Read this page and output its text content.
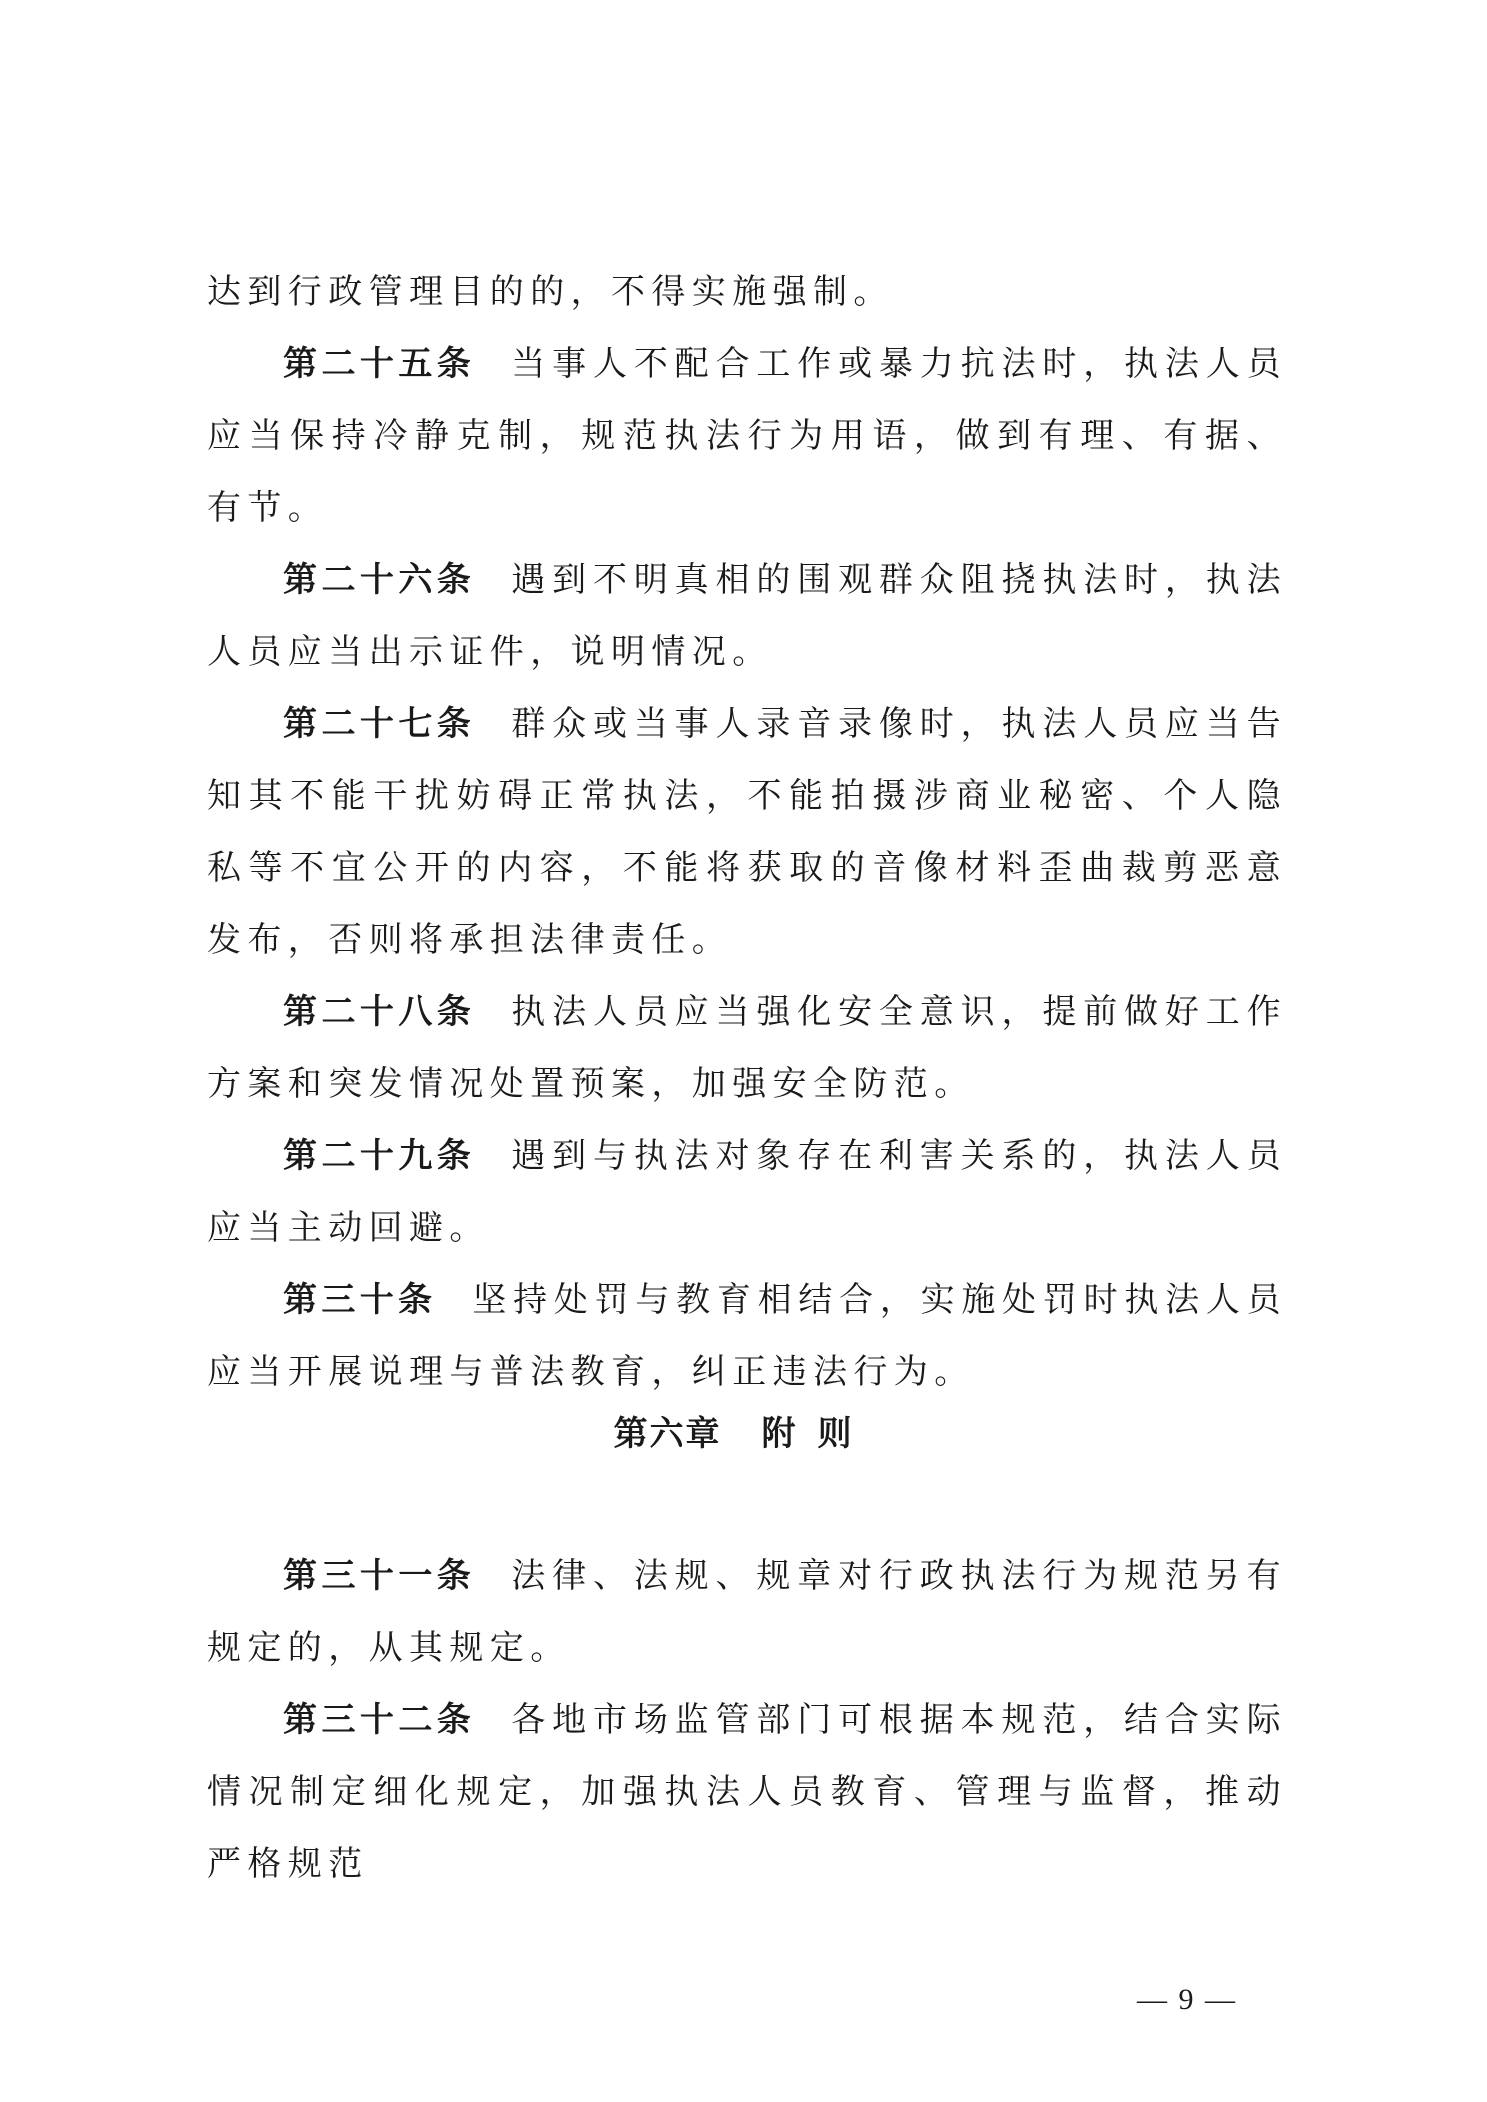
达到行政管理目的的，不得实施强制。

第二十五条 当事人不配合工作或暴力抗法时，执法人员应当保持冷静克制，规范执法行为用语，做到有理、有据、有节。

第二十六条 遇到不明真相的围观群众阻挠执法时，执法人员应当出示证件，说明情况。

第二十七条 群众或当事人录音录像时，执法人员应当告知其不能干扰妨碍正常执法，不能拍摄涉商业秘密、个人隐私等不宜公开的内容，不能将获取的音像材料歪曲裁剪恶意发布，否则将承担法律责任。

第二十八条 执法人员应当强化安全意识，提前做好工作方案和突发情况处置预案，加强安全防范。

第二十九条 遇到与执法对象存在利害关系的，执法人员应当主动回避。

第三十条 坚持处罚与教育相结合，实施处罚时执法人员应当开展说理与普法教育，纠正违法行为。

第六章 附则

第三十一条 法律、法规、规章对行政执法行为规范另有规定的，从其规定。

第三十二条 各地市场监管部门可根据本规范，结合实际情况制定细化规定，加强执法人员教育、管理与监督，推动严格规范

— 9 —
